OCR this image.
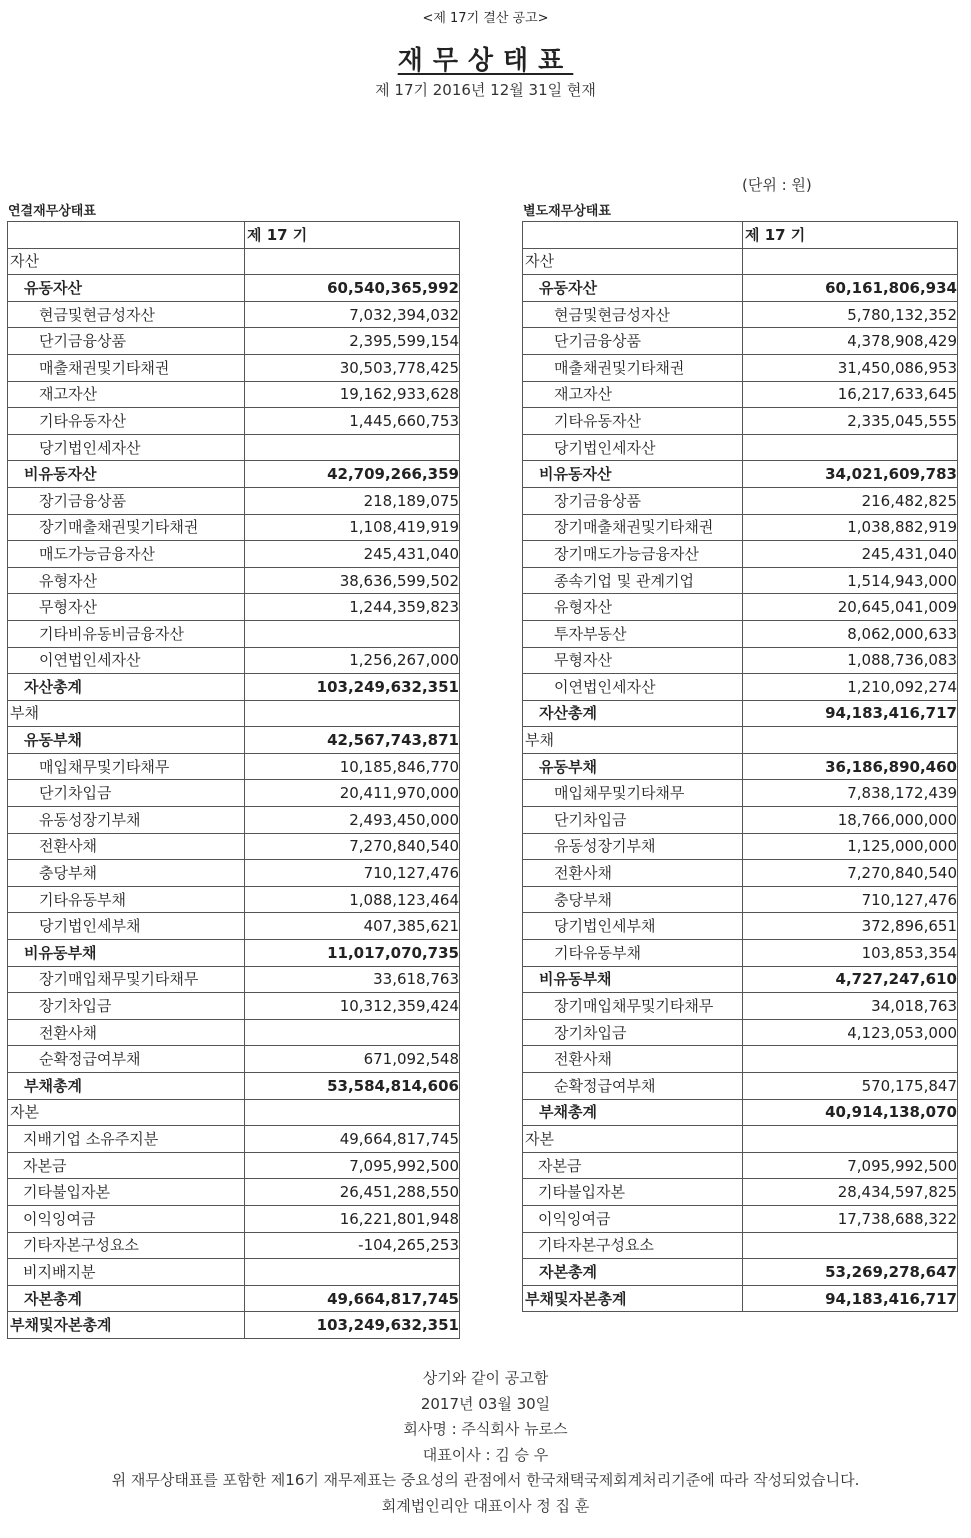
<제 17기 결산 공고>
재무상태표
제 17기 2016년 12월 31일 현재
(단위 : 원)
연결재무상태표	별도재무상태표
	제 17 기
자산	
유동자산	60,540,365,992
현금및현금성자산	7,032,394,032
단기금융상품	2,395,599,154
매출채권및기타채권	30,503,778,425
재고자산	19,162,933,628
기타유동자산	1,445,660,753
당기법인세자산	
비유동자산	42,709,266,359
장기금융상품	218,189,075
장기매출채권및기타채권	1,108,419,919
매도가능금융자산	245,431,040
유형자산	38,636,599,502
무형자산	1,244,359,823
기타비유동비금융자산	
이연법인세자산	1,256,267,000
자산총계	103,249,632,351
부채	
유동부채	42,567,743,871
매입채무및기타채무	10,185,846,770
단기차입금	20,411,970,000
유동성장기부채	2,493,450,000
전환사채	7,270,840,540
충당부채	710,127,476
기타유동부채	1,088,123,464
당기법인세부채	407,385,621
비유동부채	11,017,070,735
장기매입채무및기타채무	33,618,763
장기차입금	10,312,359,424
전환사채	
순확정급여부채	671,092,548
부채총계	53,584,814,606
자본	
지배기업 소유주지분	49,664,817,745
자본금	7,095,992,500
기타불입자본	26,451,288,550
이익잉여금	16,221,801,948
기타자본구성요소	-104,265,253
비지배지분	
자본총계	49,664,817,745
부채및자본총계	103,249,632,351
	제 17 기
자산	
유동자산	60,161,806,934
현금및현금성자산	5,780,132,352
단기금융상품	4,378,908,429
매출채권및기타채권	31,450,086,953
재고자산	16,217,633,645
기타유동자산	2,335,045,555
당기법인세자산	
비유동자산	34,021,609,783
장기금융상품	216,482,825
장기매출채권및기타채권	1,038,882,919
장기매도가능금융자산	245,431,040
종속기업 및 관계기업	1,514,943,000
유형자산	20,645,041,009
투자부동산	8,062,000,633
무형자산	1,088,736,083
이연법인세자산	1,210,092,274
자산총계	94,183,416,717
부채	
유동부채	36,186,890,460
매입채무및기타채무	7,838,172,439
단기차입금	18,766,000,000
유동성장기부채	1,125,000,000
전환사채	7,270,840,540
충당부채	710,127,476
당기법인세부채	372,896,651
기타유동부채	103,853,354
비유동부채	4,727,247,610
장기매입채무및기타채무	34,018,763
장기차입금	4,123,053,000
전환사채	
순확정급여부채	570,175,847
부채총계	40,914,138,070
자본	
자본금	7,095,992,500
기타불입자본	28,434,597,825
이익잉여금	17,738,688,322
기타자본구성요소	
자본총계	53,269,278,647
부채및자본총계	94,183,416,717
상기와 같이 공고함
2017년 03월 30일
회사명 : 주식회사 뉴로스
대표이사 : 김 승 우
위 재무상태표를 포함한 제16기 재무제표는 중요성의 관점에서 한국채택국제회계처리기준에 따라 작성되었습니다.
회계법인리안 대표이사 정 집 훈
